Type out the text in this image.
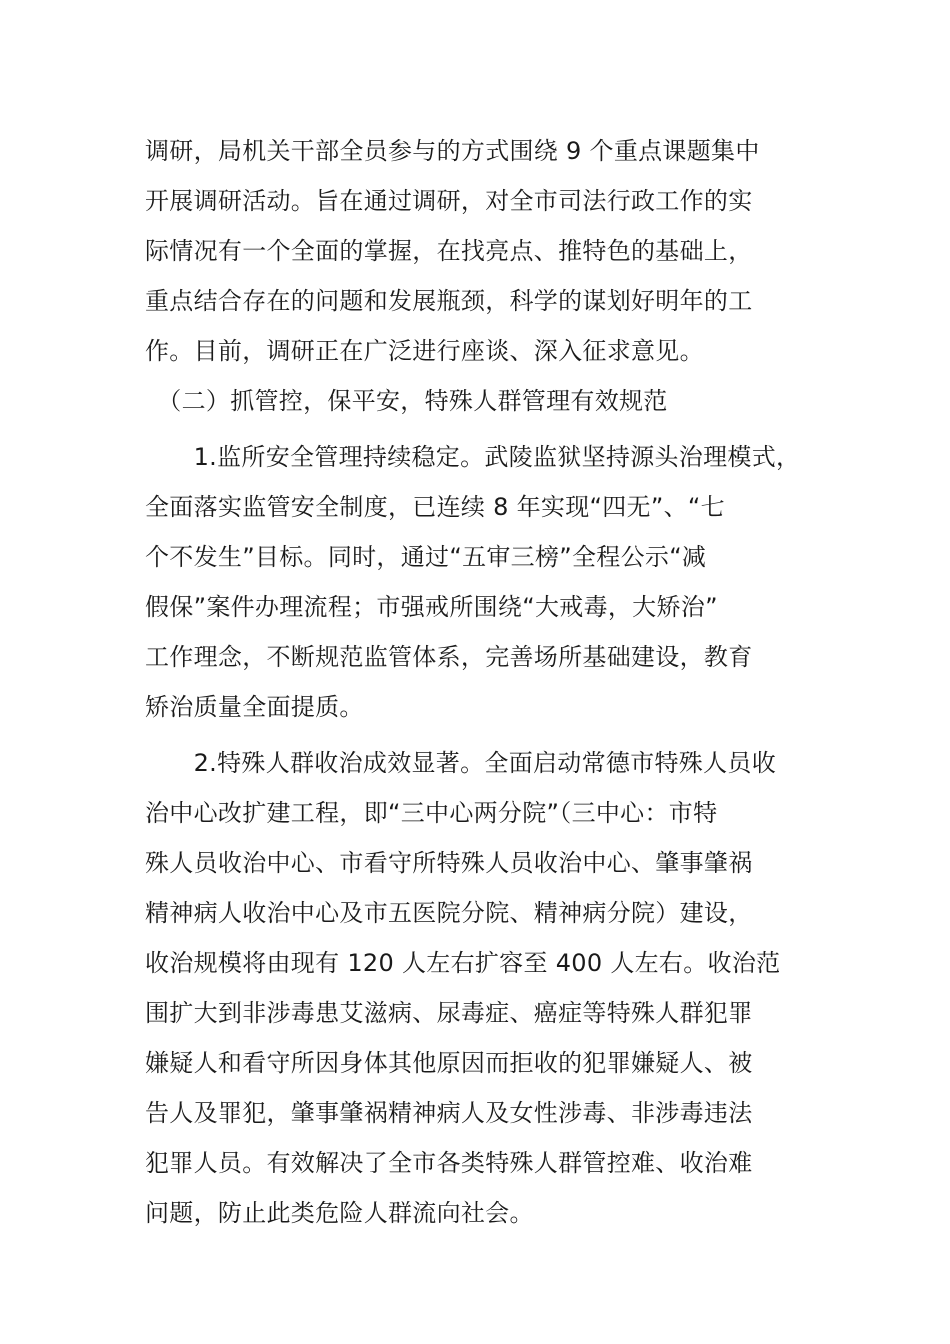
调研，局机关干部全员参与的方式围绕 9 个重点课题集中
开展调研活动。旨在通过调研，对全市司法行政工作的实
际情况有一个全面的掌握，在找亮点、推特色的基础上，
重点结合存在的问题和发展瓶颈，科学的谋划好明年的工
作。目前，调研正在广泛进行座谈、深入征求意见。
　（二）抓管控，保平安，特殊人群管理有效规范
　　1.监所安全管理持续稳定。武陵监狱坚持源头治理模式，
全面落实监管安全制度，已连续 8 年实现“四无”、“七
个不发生”目标。同时，通过“五审三榜”全程公示“减
假保”案件办理流程；市强戒所围绕“大戒毒，大矫治”
工作理念，不断规范监管体系，完善场所基础建设，教育
矫治质量全面提质。
　　2.特殊人群收治成效显著。全面启动常德市特殊人员收
治中心改扩建工程，即“三中心两分院”（三中心：市特
殊人员收治中心、市看守所特殊人员收治中心、肇事肇祸
精神病人收治中心及市五医院分院、精神病分院）建设，
收治规模将由现有 120 人左右扩容至 400 人左右。收治范
围扩大到非涉毒患艾滋病、尿毒症、癌症等特殊人群犯罪
嫌疑人和看守所因身体其他原因而拒收的犯罪嫌疑人、被
告人及罪犯，肇事肇祸精神病人及女性涉毒、非涉毒违法
犯罪人员。有效解决了全市各类特殊人群管控难、收治难
问题，防止此类危险人群流向社会。
